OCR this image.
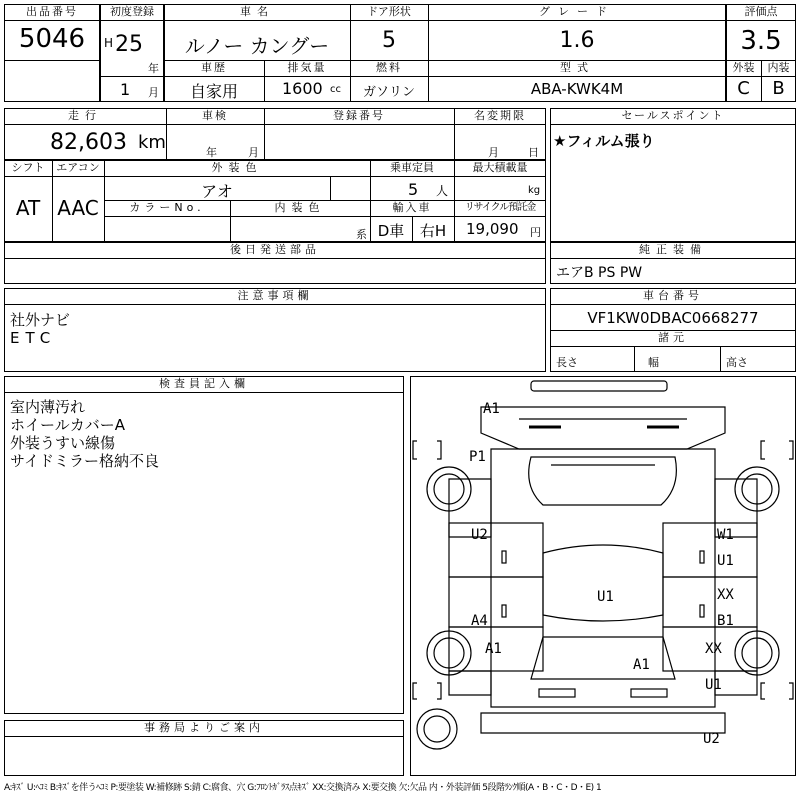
出品番号
5046
初度登録
H 25
年
1 月
車名
ルノー カングー
ドア形状
5
グレード
1.6
車歴
自家用
排気量
1600 cc
燃料
ガソリン
型式
ABA-KWK4M
評価点
3.5
外装	内装
C	B
走行
82,603 km
車検
年	月
登録番号	名変期限
月	日
セールスポイント
★フィルム張り
シフト
AT
エアコン
AAC
外装色
アオ
乗車定員
5 人
最大積載量
kg
カラーNo.	内装色
系
輸入車
D車	右H
リサイクル預託金
19,090 円
後日発送部品	純正装備
エアB PS PW
注意事項欄
社外ナビ
ETC
車台番号
VF1KW0DBAC0668277
諸元
長さ	幅	高さ
検査員記入欄
室内薄汚れ
ホイールカバーA
外装うすい線傷
サイドミラー格納不良
事務局よりご案内
A1
P1
U2	W1
U1
XX
U1
A4	B1
A1	XX
A1
U1
U2
A:ｷｽﾞ U:ﾍｺﾐ B:ｷｽﾞを伴うﾍｺﾐ P:要塗装 W:補修跡 S:錆 C:腐食、穴 G:ﾌﾛﾝﾄｶﾞﾗｽ点ｷｽﾞ XX:交換済み X:要交換 欠:欠品 内・外装評価 5段階ﾗﾝｸ順(A・B・C・D・E) 1
